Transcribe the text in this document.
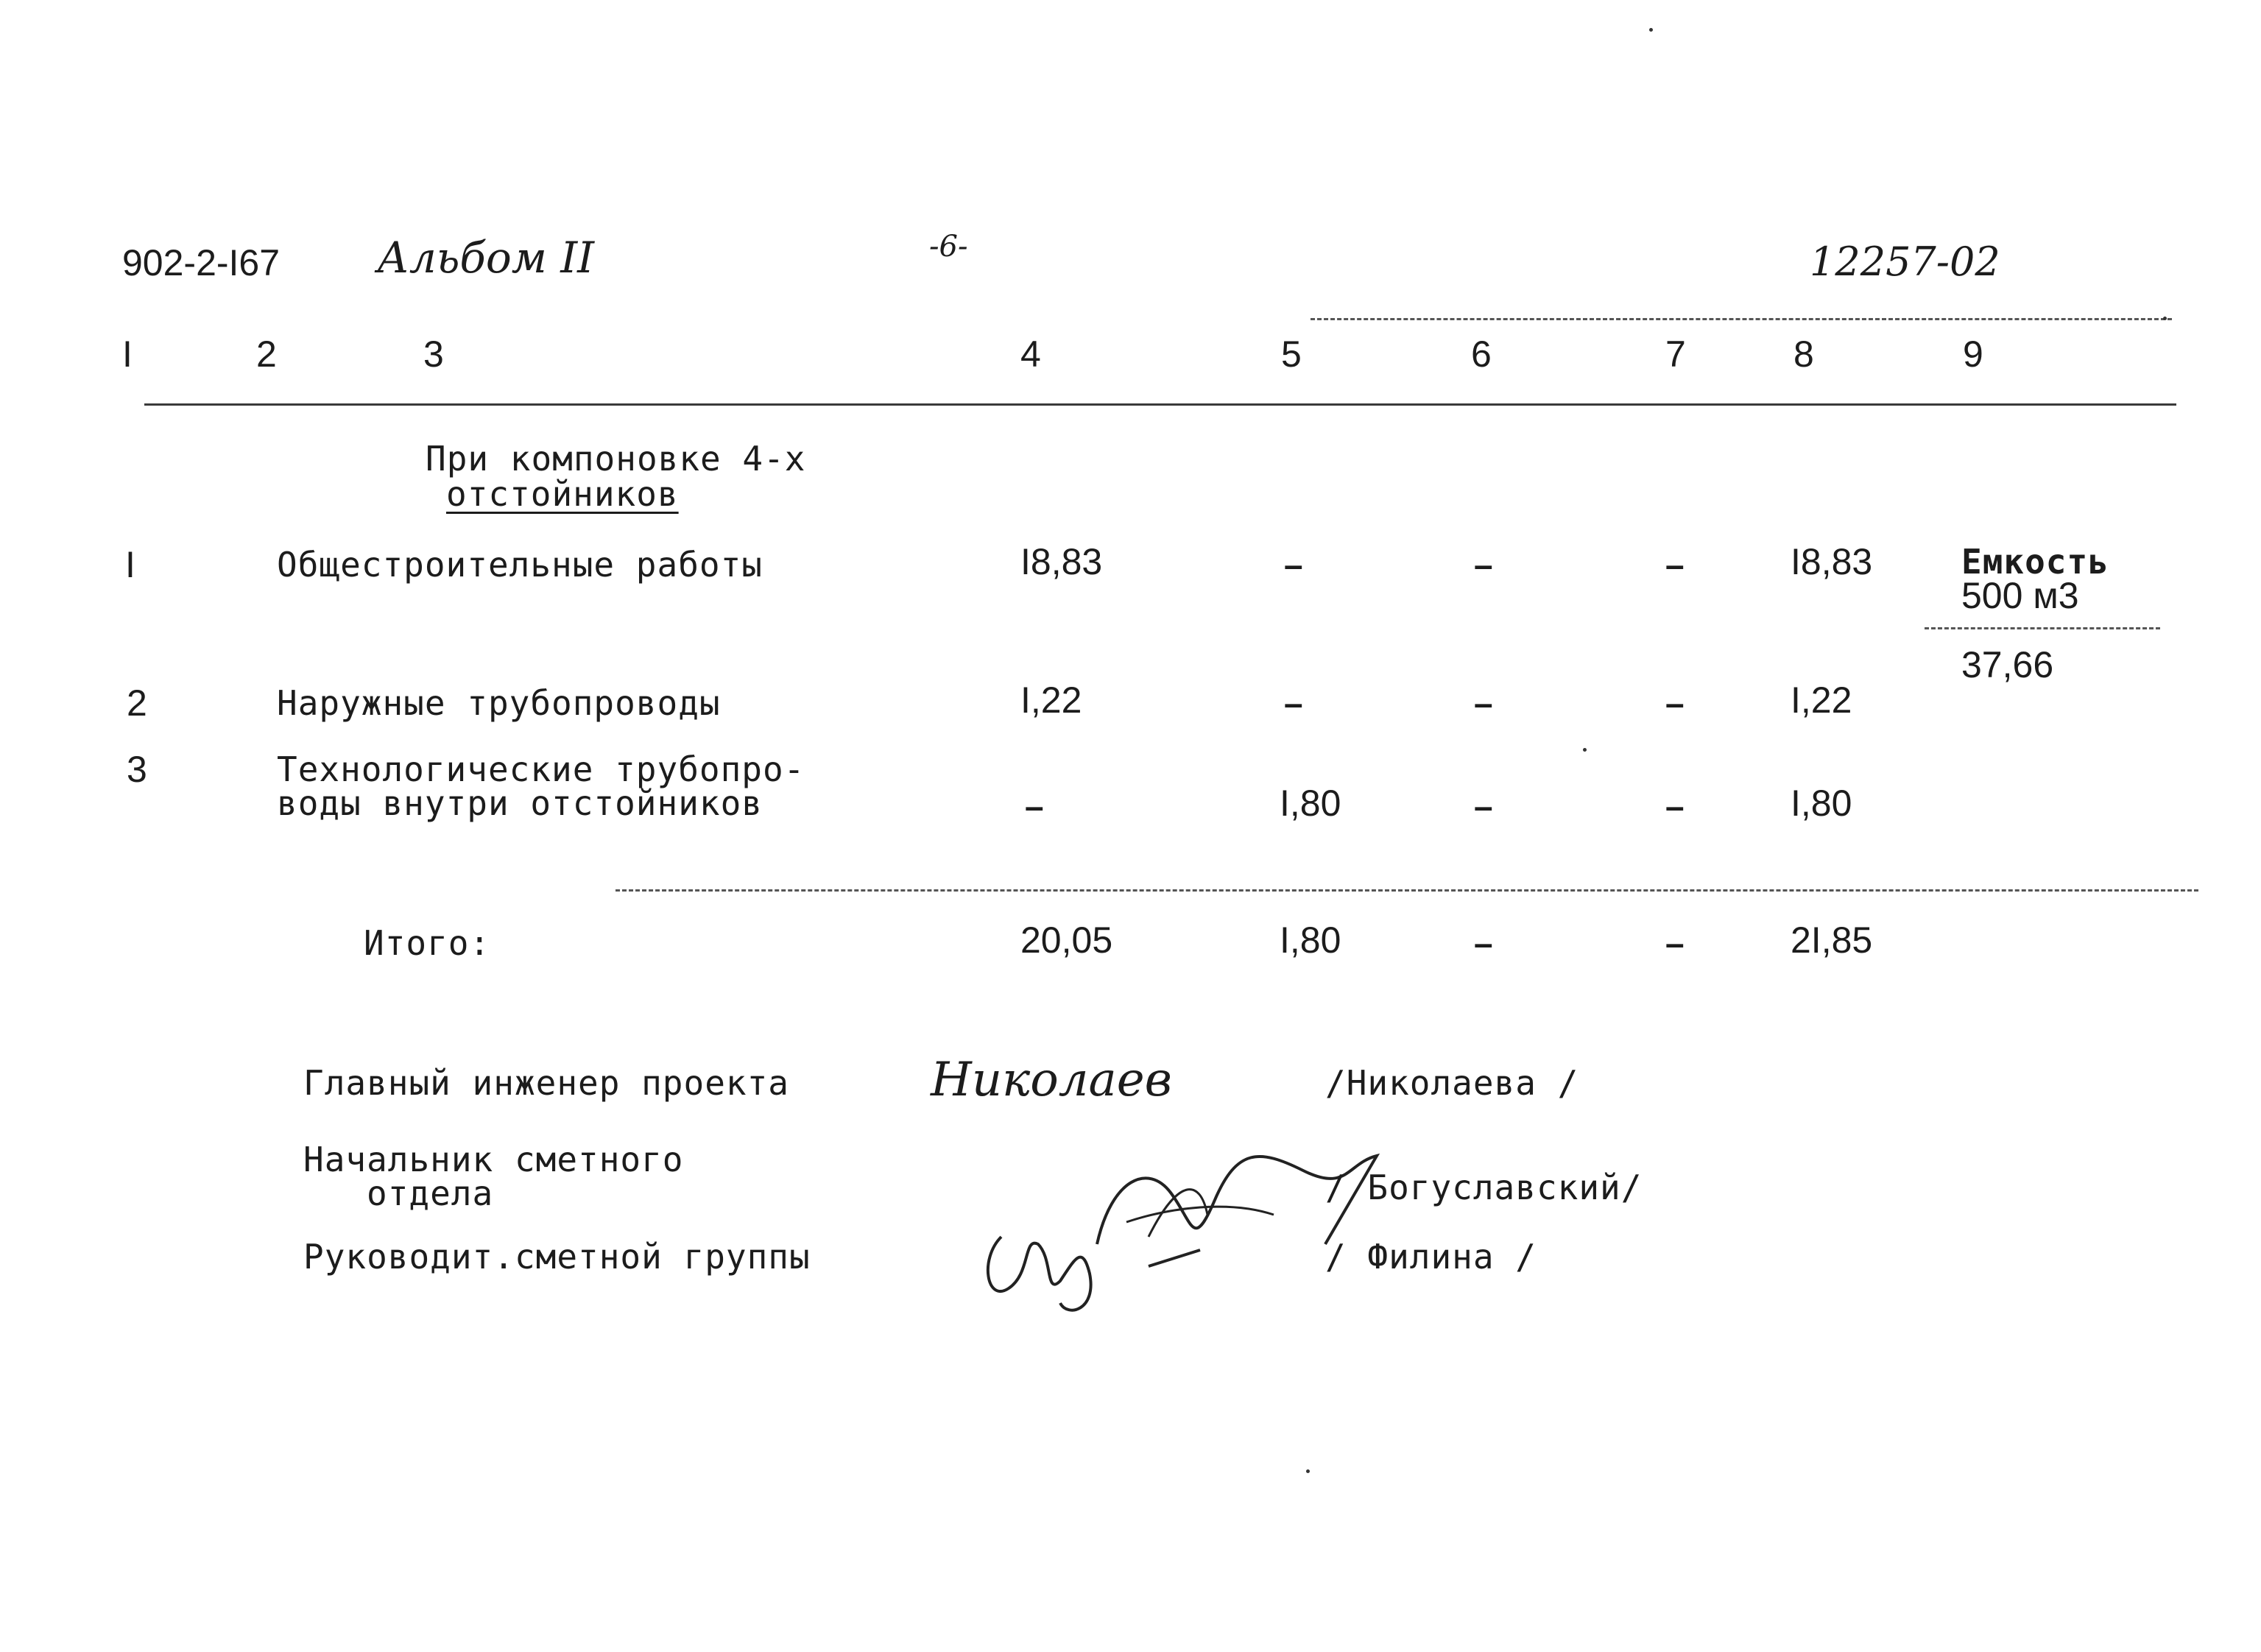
902-2-I67 Альбом II	-6-	12257-02
I	2	3	4	5	6	7	8	9
При компоновке 4-х
отстойников
I	Общестроительные работы	I8,83	–	–	–	I8,83	Емкость
500 м3
37,66
2	Наружные трубопроводы	I,22	–	–	–	I,22
3	Технологические трубопро-
воды внутри отстойников	–	I,80	–	–	I,80
Итого:	20,05	I,80	–	–	2I,85
Главный инженер проекта	Николаев	/Николаева /
Начальник сметного
отдела	/ Богуславский/
Руководит.сметной группы	/ Филина /
